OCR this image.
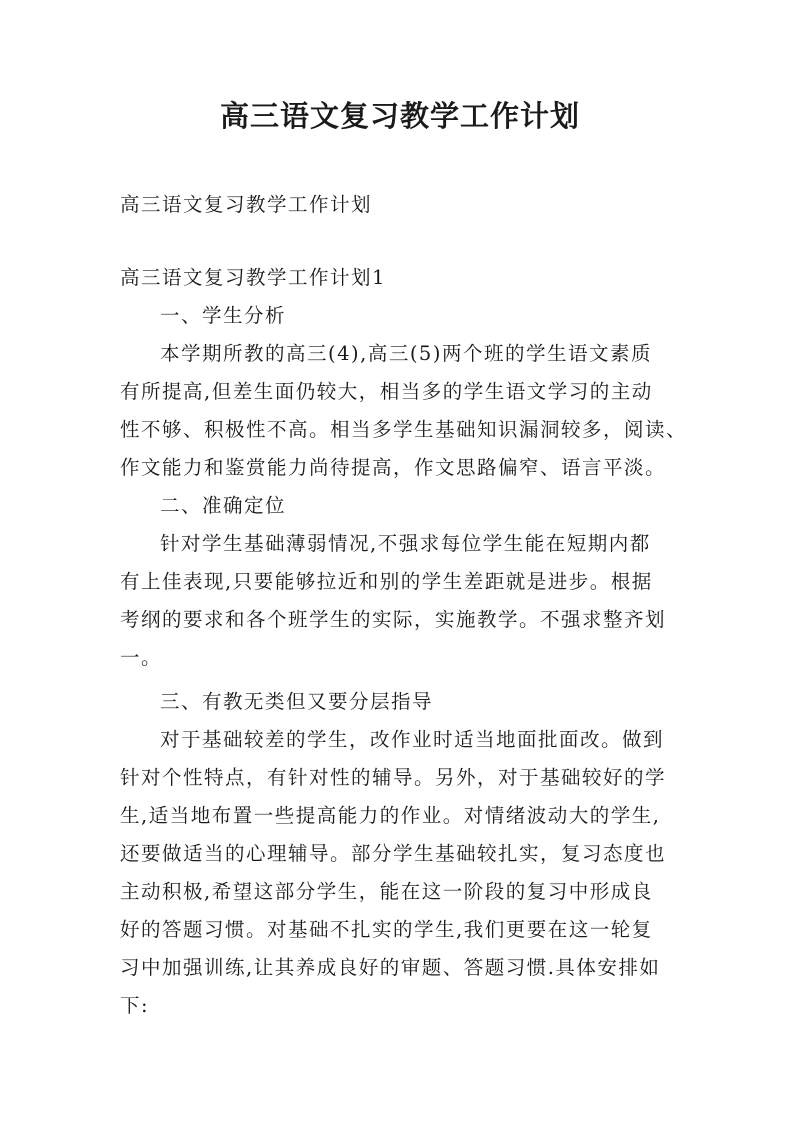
高三语文复习教学工作计划
高三语文复习教学工作计划
高三语文复习教学工作计划1
一、学生分析
本学期所教的高三(4),高三(5)两个班的学生语文素质
有所提高,但差生面仍较大，相当多的学生语文学习的主动
性不够、积极性不高。相当多学生基础知识漏洞较多，阅读、
作文能力和鉴赏能力尚待提高，作文思路偏窄、语言平淡。
二、准确定位
针对学生基础薄弱情况,不强求每位学生能在短期内都
有上佳表现,只要能够拉近和别的学生差距就是进步。根据
考纲的要求和各个班学生的实际，实施教学。不强求整齐划
一。
三、有教无类但又要分层指导
对于基础较差的学生，改作业时适当地面批面改。做到
针对个性特点，有针对性的辅导。另外，对于基础较好的学
生,适当地布置一些提高能力的作业。对情绪波动大的学生,
还要做适当的心理辅导。部分学生基础较扎实，复习态度也
主动积极,希望这部分学生，能在这一阶段的复习中形成良
好的答题习惯。对基础不扎实的学生,我们更要在这一轮复
习中加强训练,让其养成良好的审题、答题习惯.具体安排如
下:
